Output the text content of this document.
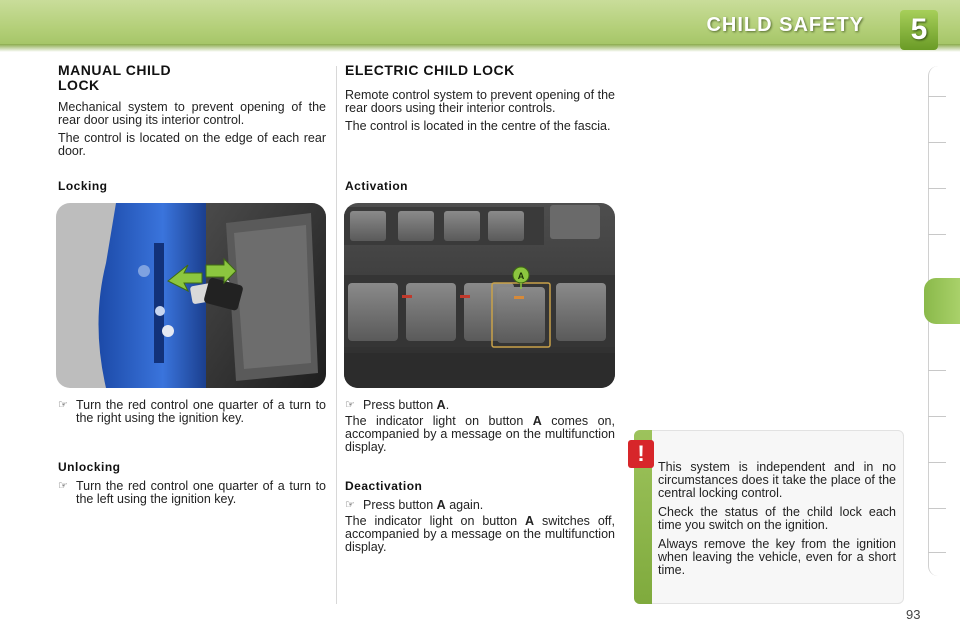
CHILD SAFETY	5
MANUAL CHILD LOCK

Mechanical system to prevent opening of the rear door using its interior control.

The control is located on the edge of each rear door.

Locking
☞ Turn the red control one quarter of a turn to the right using the ignition key.
Unlocking
☞ Turn the red control one quarter of a turn to the left using the ignition key.
ELECTRIC CHILD LOCK

Remote control system to prevent opening of the rear doors using their interior controls.

The control is located in the centre of the fascia.

Activation
A
☞ Press button A.

The indicator light on button A comes on, accompanied by a message on the multifunction display.

Deactivation
☞ Press button A again.

The indicator light on button A switches off, accompanied by a message on the multifunction display.

!

This system is independent and in no circumstances does it take the place of the central locking control.

Check the status of the child lock each time you switch on the ignition.

Always remove the key from the ignition when leaving the vehicle, even for a short time.

93
